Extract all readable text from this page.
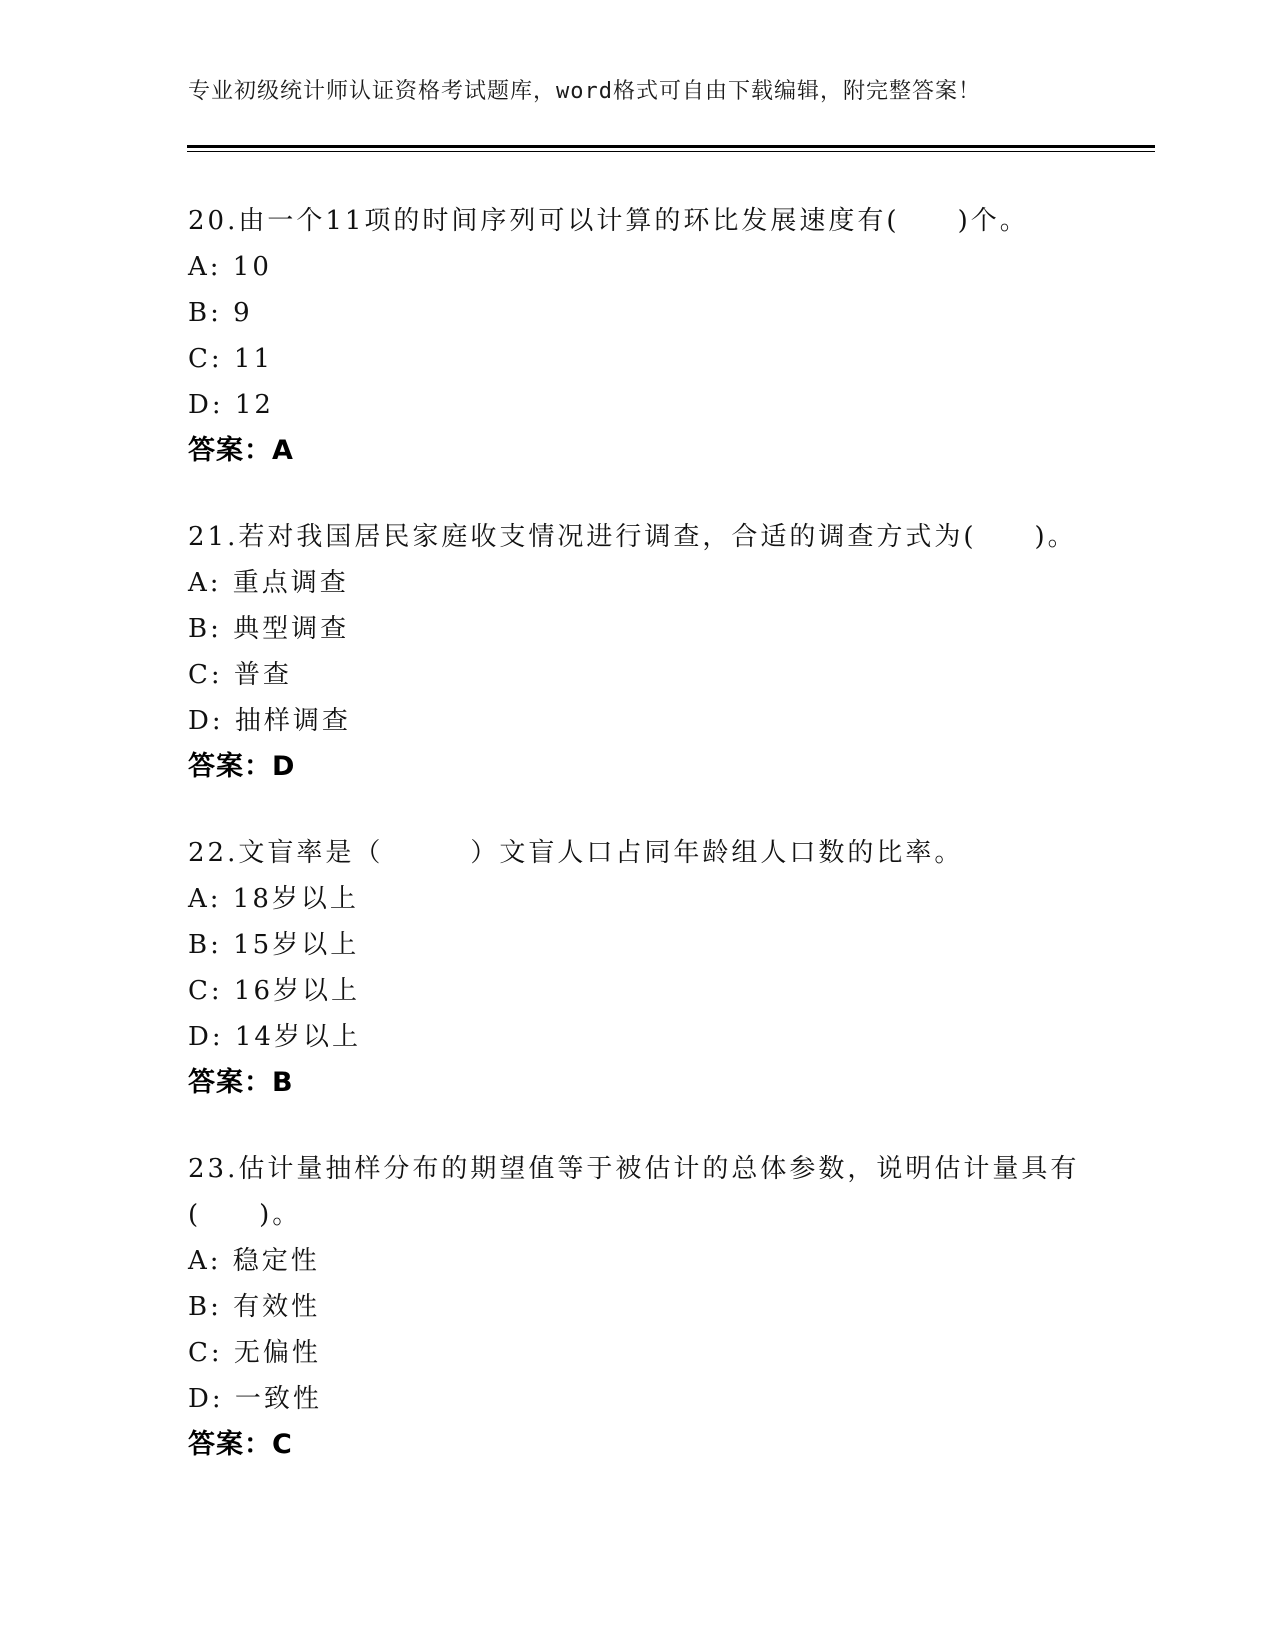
专业初级统计师认证资格考试题库，word格式可自由下载编辑，附完整答案！
20.由一个11项的时间序列可以计算的环比发展速度有(　　)个。
A: 10
B: 9
C: 11
D: 12
答案：A
21.若对我国居民家庭收支情况进行调查，合适的调查方式为(　　)。
A: 重点调查
B: 典型调查
C: 普查
D: 抽样调查
答案：D
22.文盲率是（　　　）文盲人口占同年龄组人口数的比率。
A: 18岁以上
B: 15岁以上
C: 16岁以上
D: 14岁以上
答案：B
23.估计量抽样分布的期望值等于被估计的总体参数，说明估计量具有(　　)。
A: 稳定性
B: 有效性
C: 无偏性
D: 一致性
答案：C
